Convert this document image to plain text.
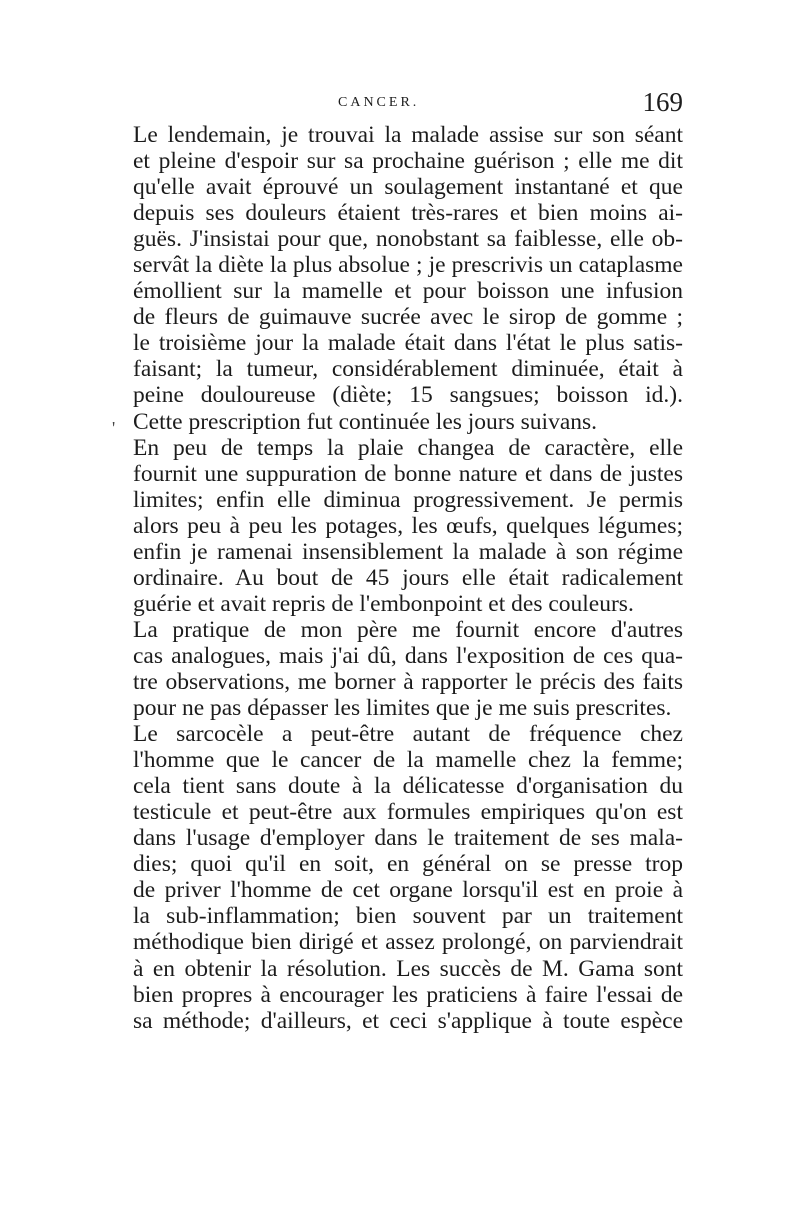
CANCER.	169
'
Le lendemain, je trouvai la malade assise sur son séant
et pleine d'espoir sur sa prochaine guérison ; elle me dit
qu'elle avait éprouvé un soulagement instantané et que
depuis ses douleurs étaient très-rares et bien moins ai-
guës. J'insistai pour que, nonobstant sa faiblesse, elle ob-
servât la diète la plus absolue ; je prescrivis un cataplasme
émollient sur la mamelle et pour boisson une infusion
de fleurs de guimauve sucrée avec le sirop de gomme ;
le troisième jour la malade était dans l'état le plus satis-
faisant; la tumeur, considérablement diminuée, était à
peine douloureuse (diète; 15 sangsues; boisson id.).
Cette prescription fut continuée les jours suivans.
En peu de temps la plaie changea de caractère, elle
fournit une suppuration de bonne nature et dans de justes
limites; enfin elle diminua progressivement. Je permis
alors peu à peu les potages, les œufs, quelques légumes;
enfin je ramenai insensiblement la malade à son régime
ordinaire. Au bout de 45 jours elle était radicalement
guérie et avait repris de l'embonpoint et des couleurs.
La pratique de mon père me fournit encore d'autres
cas analogues, mais j'ai dû, dans l'exposition de ces qua-
tre observations, me borner à rapporter le précis des faits
pour ne pas dépasser les limites que je me suis prescrites.
Le sarcocèle a peut-être autant de fréquence chez
l'homme que le cancer de la mamelle chez la femme;
cela tient sans doute à la délicatesse d'organisation du
testicule et peut-être aux formules empiriques qu'on est
dans l'usage d'employer dans le traitement de ses mala-
dies; quoi qu'il en soit, en général on se presse trop
de priver l'homme de cet organe lorsqu'il est en proie à
la sub-inflammation; bien souvent par un traitement
méthodique bien dirigé et assez prolongé, on parviendrait
à en obtenir la résolution. Les succès de M. Gama sont
bien propres à encourager les praticiens à faire l'essai de
sa méthode; d'ailleurs, et ceci s'applique à toute espèce
